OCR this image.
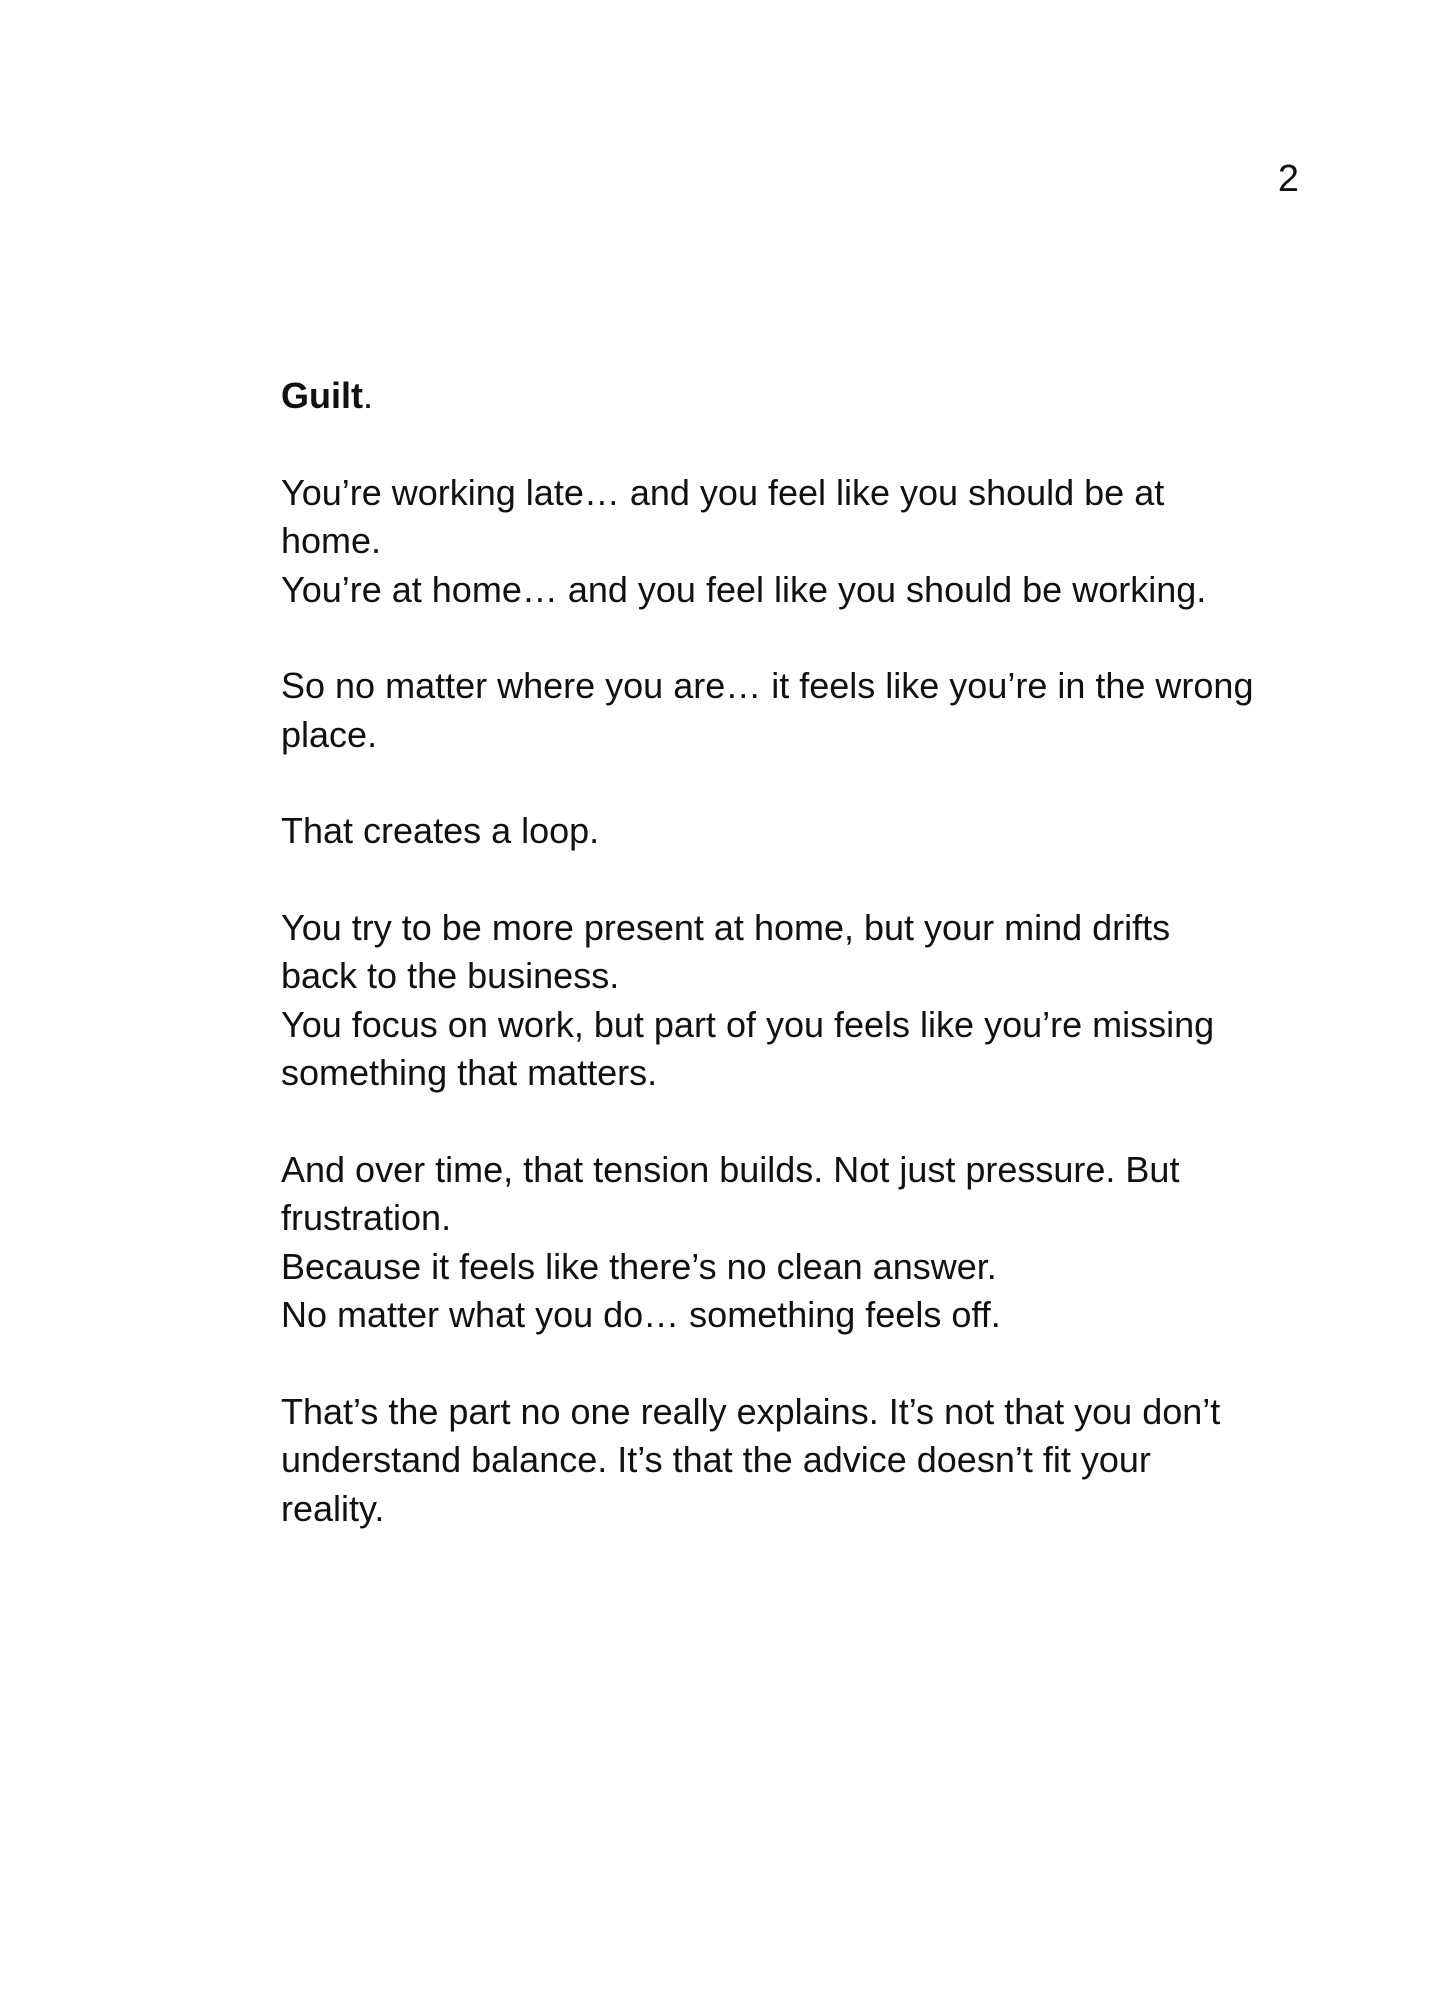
2

Guilt.

You’re working late… and you feel like you should be at
home.
You’re at home… and you feel like you should be working.

So no matter where you are… it feels like you’re in the wrong
place.

That creates a loop.

You try to be more present at home, but your mind drifts
back to the business.
You focus on work, but part of you feels like you’re missing
something that matters.

And over time, that tension builds. Not just pressure. But
frustration.
Because it feels like there’s no clean answer.
No matter what you do… something feels off.

That’s the part no one really explains. It’s not that you don’t
understand balance. It’s that the advice doesn’t fit your
reality.
